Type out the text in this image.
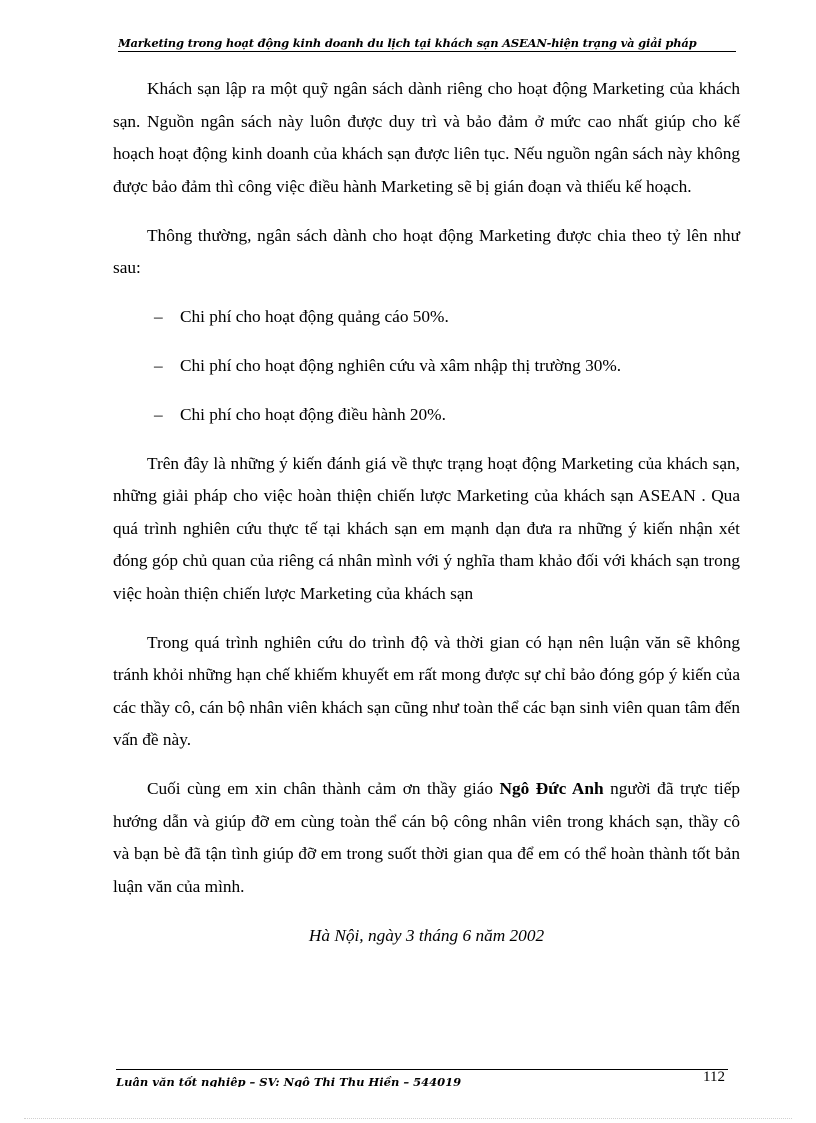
Marketing trong hoạt động kinh doanh du lịch tại khách sạn ASEAN-hiện trạng và giải pháp

Khách sạn lập ra một quỹ ngân sách dành riêng cho hoạt động Marketing của khách sạn. Nguồn ngân sách này luôn được duy trì và bảo đảm ở mức cao nhất giúp cho kế hoạch hoạt động kinh doanh của khách sạn được liên tục. Nếu nguồn ngân sách này không được bảo đảm thì công việc điều hành Marketing sẽ bị gián đoạn và thiếu kế hoạch.

Thông thường, ngân sách dành cho hoạt động Marketing được chia theo tỷ lên như sau:

– Chi phí cho hoạt động quảng cáo 50%.
– Chi phí cho hoạt động nghiên cứu và xâm nhập thị trường 30%.
– Chi phí cho hoạt động điều hành 20%.

Trên đây là những ý kiến đánh giá về thực trạng hoạt động Marketing của khách sạn, những giải pháp cho việc hoàn thiện chiến lược Marketing của khách sạn ASEAN . Qua quá trình nghiên cứu thực tế tại khách sạn em mạnh dạn đưa ra những ý kiến nhận xét đóng góp chủ quan của riêng cá nhân mình với ý nghĩa tham khảo đối với khách sạn trong việc hoàn thiện chiến lược Marketing của khách sạn

Trong quá trình nghiên cứu do trình độ và thời gian có hạn nên luận văn sẽ không tránh khỏi những hạn chế khiếm khuyết em rất mong được sự chỉ bảo đóng góp ý kiến của các thầy cô, cán bộ nhân viên khách sạn cũng như toàn thể các bạn sinh viên quan tâm đến vấn đề này.

Cuối cùng em xin chân thành cảm ơn thầy giáo Ngô Đức Anh người đã trực tiếp hướng dẫn và giúp đỡ em cùng toàn thể cán bộ công nhân viên trong khách sạn, thầy cô và bạn bè đã tận tình giúp đỡ em trong suốt thời gian qua để em có thể hoàn thành tốt bản luận văn của mình.

Hà Nội, ngày 3 tháng 6 năm 2002
Luận văn tốt nghiệp – SV: Ngô Thị Thu Hiền – 544019	112
